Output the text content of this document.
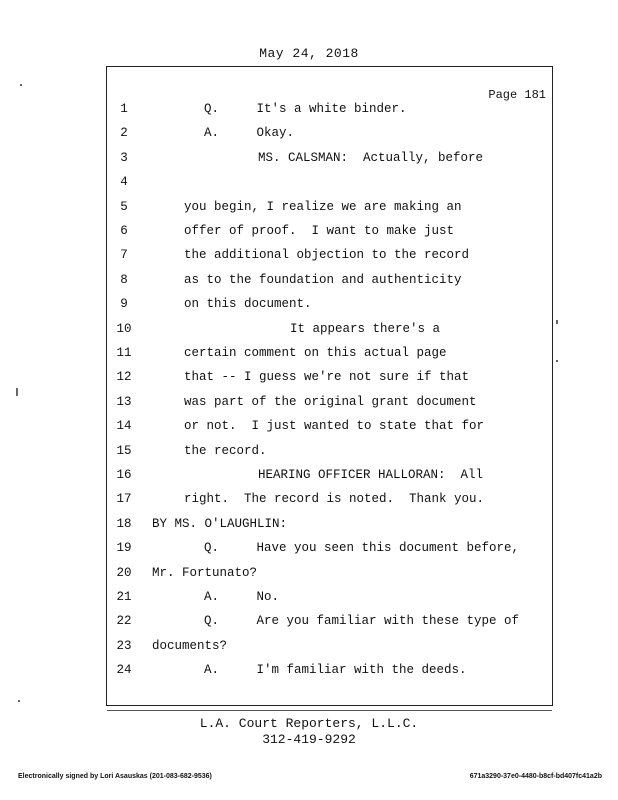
May 24, 2018
Page 181
1	Q.     It's a white binder.
2	A.     Okay.
3	MS. CALSMAN:  Actually, before
4
5	you begin, I realize we are making an
6	offer of proof.  I want to make just
7	the additional objection to the record
8	as to the foundation and authenticity
9	on this document.
10	It appears there's a
11	certain comment on this actual page
12	that -- I guess we're not sure if that
13	was part of the original grant document
14	or not.  I just wanted to state that for
15	the record.
16	HEARING OFFICER HALLORAN:  All
17	right.  The record is noted.  Thank you.
18	BY MS. O'LAUGHLIN:
19	Q.     Have you seen this document before,
20	Mr. Fortunato?
21	A.     No.
22	Q.     Are you familiar with these type of
23	documents?
24	A.     I'm familiar with the deeds.
L.A. Court Reporters, L.L.C.
312-419-9292
Electronically signed by Lori Asauskas (201-083-682-9536)	671a3290-37e0-4480-b8cf-bd407fc41a2b
